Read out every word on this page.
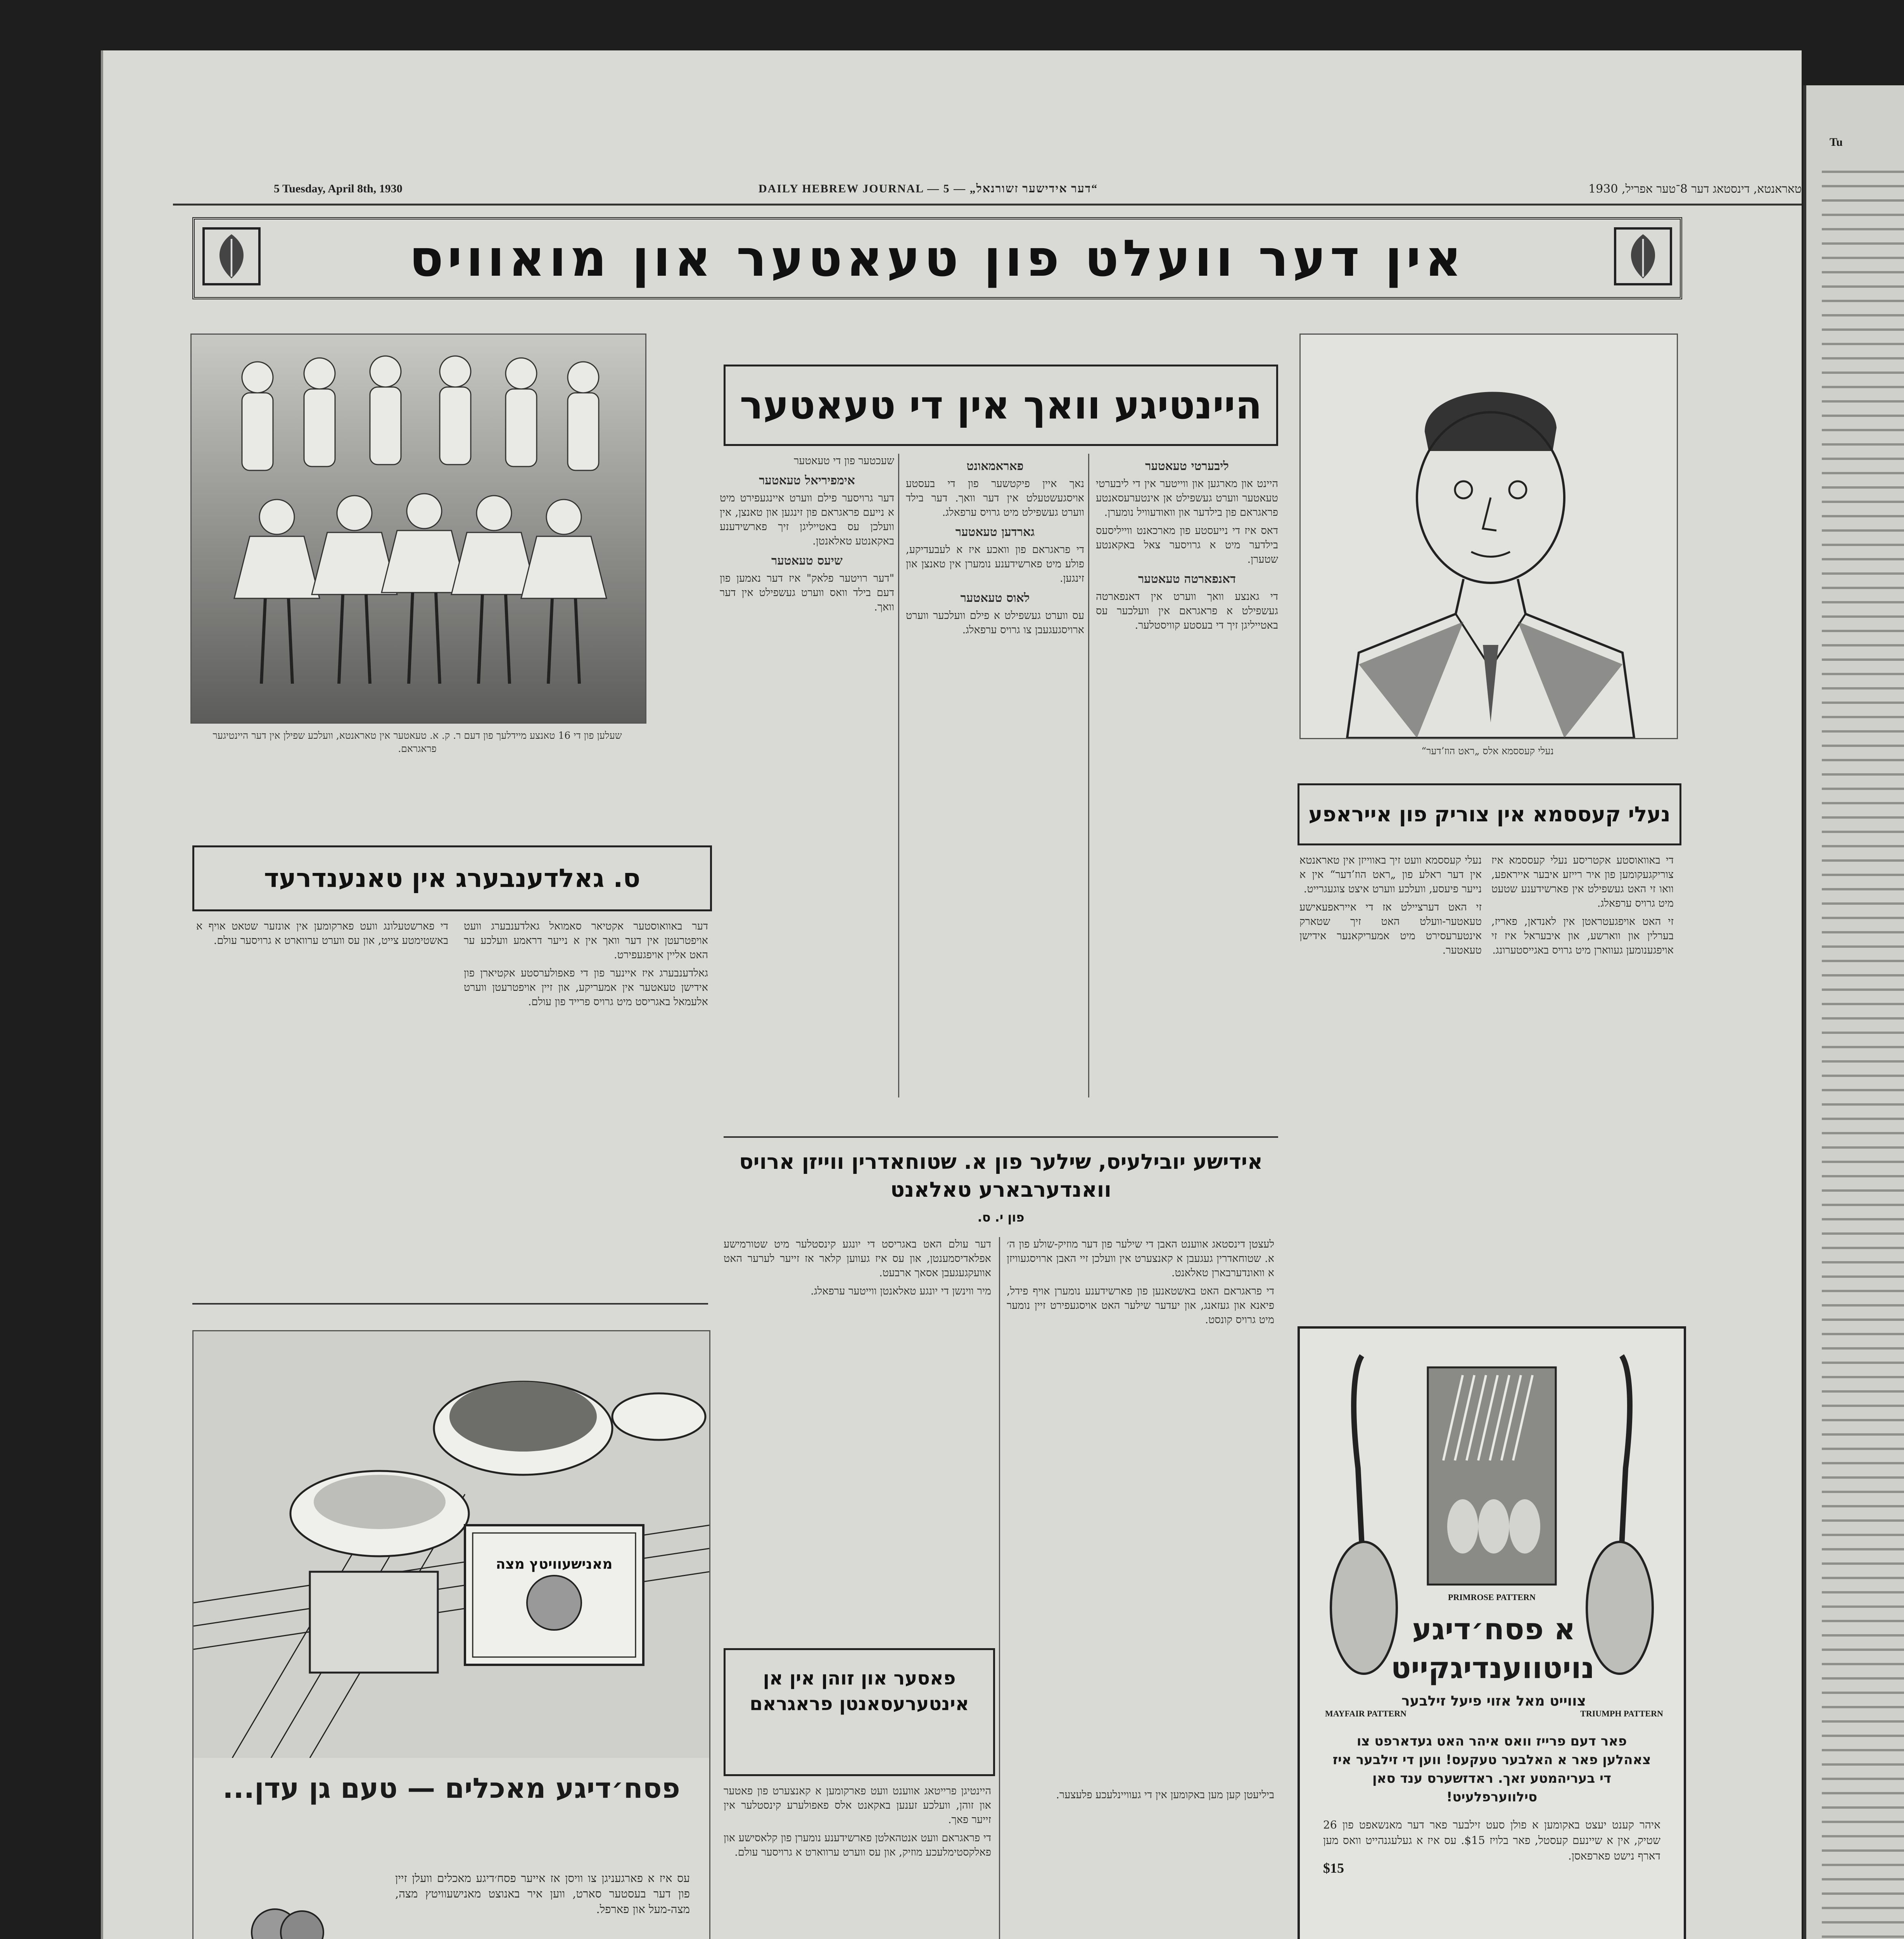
5 Tuesday, April 8th, 1930	DAILY HEBREW JOURNAL — 5 — „דער אידישער זשורנאל“	טאראנטא, דינסטאג דער 8־טער אפריל, 1930
אין דער וועלט פון טעאטער און מואוויס
שעלען פון די 16 טאנצע מיידלעך פון דעם ר. ק. א. טעאטער אין טאראנטא, וועלכע שפילן אין דער היינטיגער פראגראם.	נעלי קעססמא אלס „ראט הוז’דער“
היינטיגע וואך אין די טעאטער
ליבערטי טעאטער

היינט און מארגען און ווייטער אין די ליבערטי טעאטער ווערט געשפילט אן אינטערעסאנטע פראגראם פון בילדער און וואודעוויל נומערן.

דאס איז די נייעסטע פון מארכאנט ווייליסעס בילדער מיט א גרויסער צאל באקאנטע שטערן.

דאנפארטה טעאטער

די גאנצע וואך ווערט אין דאנפארטה געשפילט א פראגראם אין וועלכער עס באטייליגן זיך די בעסטע קוויסטלער.

פאראמאונט

נאך איין פיקטשער פון די בעסטע אויסגעשטעלט אין דער וואך. דער בילד ווערט געשפילט מיט גרויס ערפאלג.

גארדען טעאטער

די פראגראם פון וואכע איז א לעבעדיקע, פולע מיט פארשידענע נומערן אין טאנצן און זינגען.

לאוס טעאטער

עס ווערט געשפילט א פילם וועלכער ווערט ארויסגעגעבן צו גרויס ערפאלג.

שעכטער פון די טעאטער

אימפיריאל טעאטער

דער גרויסער פילם ווערט איינגעפירט מיט א נייעם פראגראם פון זינגען און טאנצן, אין וועלכן עס באטייליגן זיך פארשידענע באקאנטע טאלאנטן.

שיעס טעאטער

"דער רויטער פלאק" איז דער נאמען פון דעם בילד וואס ווערט געשפילט אין דער וואך.

ס. גאלדענבערג אין טאנענדרעד

דער באוואוסטער אקטיאר סאמואל גאלדענבערג וועט אויפטרעטן אין דער וואך אין א נייער דראמע וועלכע ער האט אליין אויפגעפירט.

גאלדענבערג איז איינער פון די פאפולערסטע אקטיארן פון אידישן טעאטער אין אמעריקע, און זיין אויפטרעטן ווערט אלעמאל באגריסט מיט גרויס פרייד פון עולם.

די פארשטעלונג וועט פארקומען אין אונזער שטאט אויף א באשטימטע צייט, און עס ווערט ערווארט א גרויסער עולם.

נעלי קעססמא אין צוריק פון אייראפע

די באוואוסטע אקטריסע נעלי קעססמא איז צוריקגעקומען פון איר רייזע איבער אייראפע, וואו זי האט געשפילט אין פארשידענע שטעט מיט גרויס ערפאלג.

זי האט אויפגעטראטן אין לאנדאן, פאריז, בערלין און ווארשע, און איבעראל איז זי אויפגענומען געווארן מיט גרויס באגייסטערונג.

נעלי קעססמא וועט זיך באווייזן אין טאראנטא אין דער ראלע פון „ראט הוז’דער“ אין א נייער פיעסע, וועלכע ווערט איצט צוגעגרייט.

זי האט דערציילט אז די אייראפעאישע טעאטער-וועלט האט זיך שטארק אינטערעסירט מיט אמעריקאנער אידישן טעאטער.

אידישע יובילעיס, שילער פון א. שטוחאדרין ווייזן ארויס וואנדערבארע טאלאנט
פון י. ס.

לעצטן דינסטאג אווענט האבן די שילער פון דער מוזיק-שולע פון ה׳ א. שטוחאדרין געגעבן א קאנצערט אין וועלכן זיי האבן ארויסגעוויזן א וואונדערבארן טאלאנט.

די פראגראם האט באשטאנען פון פארשידענע נומערן אויף פידל, פיאנא און געזאנג, און יעדער שילער האט אויסגעפירט זיין נומער מיט גרויס קונסט.

דער עולם האט באגריסט די יונגע קינסטלער מיט שטורמישע אפלאדיסמענטן, און עס איז געווען קלאר אז זייער לערער האט אוועקגעגעבן אסאך ארבעט.

מיר ווינשן די יונגע טאלאנטן ווייטער ערפאלג.

פאסער און זוהן אין אן אינטערעסאנטן פראגראם

היינטיגן פרייטאג אווענט וועט פארקומען א קאנצערט פון פאטער און זוהן, וועלכע זענען באקאנט אלס פאפולערע קינסטלער אין זייער פאך.

די פראגראם וועט אנטהאלטן פארשידענע נומערן פון קלאסישע און פאלקסטימלעכע מוזיק, און עס ווערט ערווארט א גרויסער עולם.

ביליעטן קען מען באקומען אין די געוויינלעכע פלעצער.

מאנישעוויטץ מצה
פסח׳דיגע מאכלים — טעם גן עדן...
עס איז א פארגעניגן צו וויסן אז אייער פסח׳דיגע מאכלים וועלן זיין פון דער בעסטער סארט, ווען איר באנוצט מאנישעוויטץ מצה, מצה-מעל און פארפל.
PRIMROSE PATTERN
MAYFAIR PATTERN	TRIUMPH PATTERN
א פסח׳דיגע
נויטווענדיגקייט
צווייט מאל אזוי פיעל זילבער
פאר דעם פרייז וואס איהר האט געדארפט צו צאהלען פאר א האלבער טעקעס! ווען די זילבער איז די בעריהמטע זאך. ראדזשערס ענד סאן סילווערפלעיט!
$15
איהר קענט יעצט באקומען א פולן סעט זילבער פאר דער מאנשאפט פון 26 שטיק, אין א שיינעם קעסטל, פאר בלויז $15. עס איז א געלעגנהייט וואס מען דארף נישט פארפאסן.
Tu
